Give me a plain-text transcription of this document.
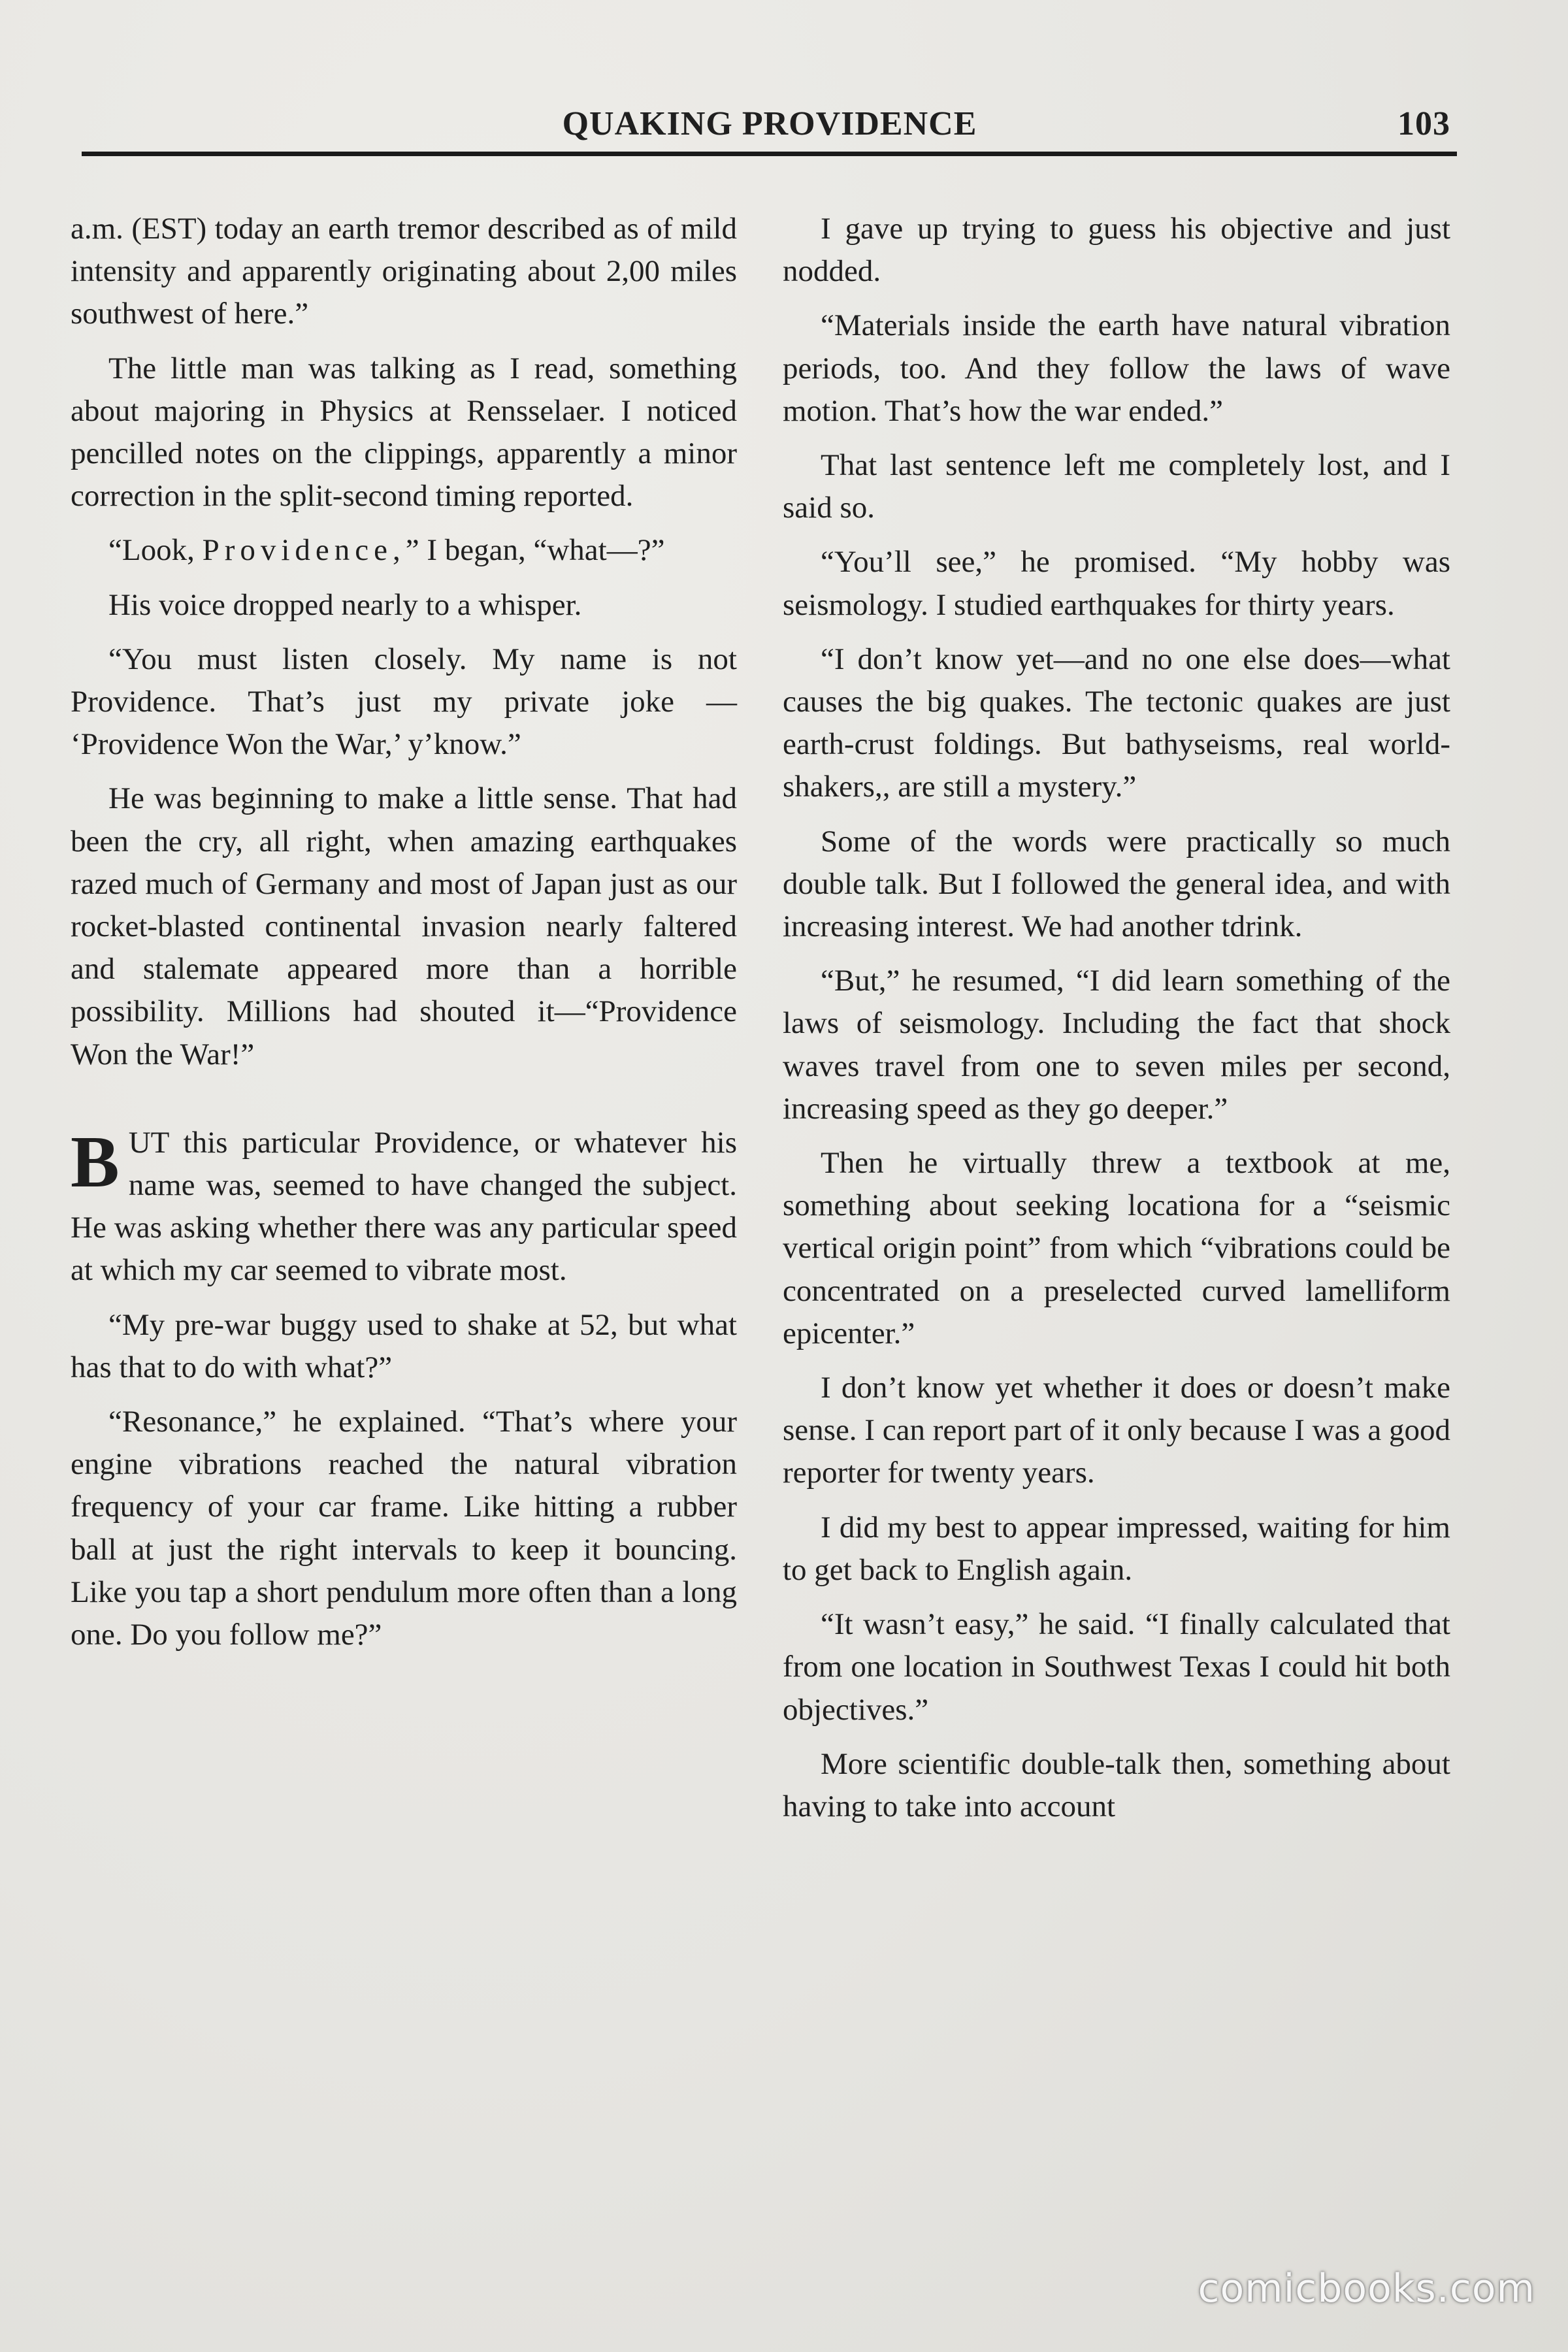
QUAKING PROVIDENCE	103

a.m. (EST) today an earth tremor described as of mild intensity and apparently originating about 2,00 miles southwest of here.”

The little man was talking as I read, something about majoring in Physics at Rensselaer. I noticed pencilled notes on the clippings, apparently a minor correction in the split-second timing reported.

“Look, Providence,” I began, “what—?”

His voice dropped nearly to a whisper.

“You must listen closely. My name is not Providence. That’s just my private joke — ‘Providence Won the War,’ y’know.”

He was beginning to make a little sense. That had been the cry, all right, when amazing earthquakes razed much of Germany and most of Japan just as our rocket-blasted continental invasion nearly faltered and stalemate appeared more than a horrible possibility. Millions had shouted it—“Providence Won the War!”

BUT this particular Providence, or whatever his name was, seemed to have changed the subject. He was asking whether there was any particular speed at which my car seemed to vibrate most.

“My pre-war buggy used to shake at 52, but what has that to do with what?”

“Resonance,” he explained. “That’s where your engine vibrations reached the natural vibration frequency of your car frame. Like hitting a rubber ball at just the right intervals to keep it bouncing. Like you tap a short pendulum more often than a long one. Do you follow me?”

I gave up trying to guess his objective and just nodded.

“Materials inside the earth have natural vibration periods, too. And they follow the laws of wave motion. That’s how the war ended.”

That last sentence left me completely lost, and I said so.

“You’ll see,” he promised. “My hobby was seismology. I studied earthquakes for thirty years.

“I don’t know yet—and no one else does—what causes the big quakes. The tectonic quakes are just earth-crust foldings. But bathyseisms, real world-shakers,, are still a mystery.”

Some of the words were practically so much double talk. But I followed the general idea, and with increasing interest. We had another tdrink.

“But,” he resumed, “I did learn something of the laws of seismology. Including the fact that shock waves travel from one to seven miles per second, increasing speed as they go deeper.”

Then he virtually threw a textbook at me, something about seeking locationa for a “seismic vertical origin point” from which “vibrations could be concentrated on a preselected curved lamelliform epicenter.”

I don’t know yet whether it does or doesn’t make sense. I can report part of it only because I was a good reporter for twenty years.

I did my best to appear impressed, waiting for him to get back to English again.

“It wasn’t easy,” he said. “I finally calculated that from one location in Southwest Texas I could hit both objectives.”

More scientific double-talk then, something about having to take into account

comicbooks.com
